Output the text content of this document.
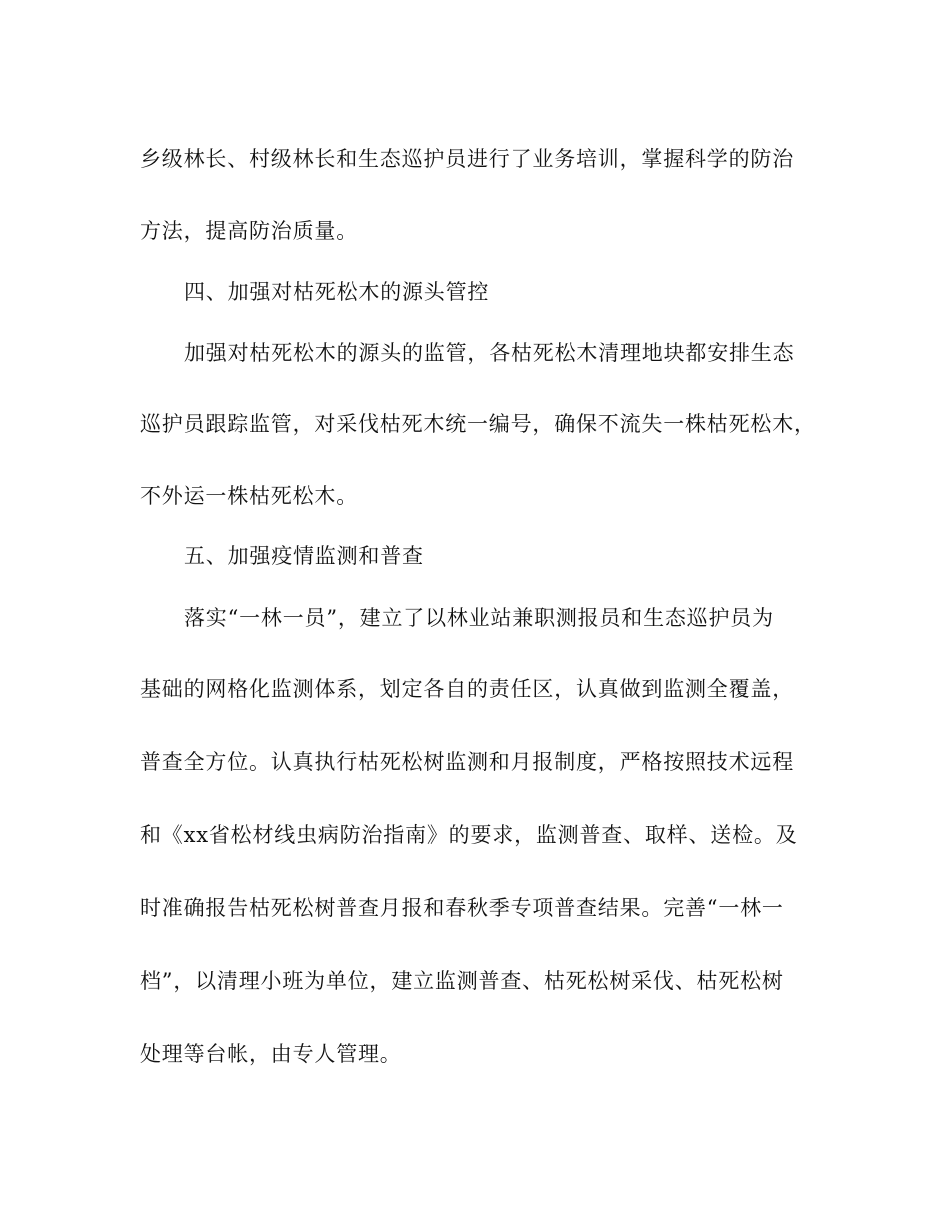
乡级林长、村级林长和生态巡护员进行了业务培训，掌握科学的防治

方法，提高防治质量。

四、加强对枯死松木的源头管控

加强对枯死松木的源头的监管，各枯死松木清理地块都安排生态

巡护员跟踪监管，对采伐枯死木统一编号，确保不流失一株枯死松木，

不外运一株枯死松木。

五、加强疫情监测和普查

落实“一林一员”，建立了以林业站兼职测报员和生态巡护员为

基础的网格化监测体系，划定各自的责任区，认真做到监测全覆盖，

普查全方位。认真执行枯死松树监测和月报制度，严格按照技术远程

和《xx省松材线虫病防治指南》的要求，监测普查、取样、送检。及

时准确报告枯死松树普查月报和春秋季专项普查结果。完善“一林一

档”，以清理小班为单位，建立监测普查、枯死松树采伐、枯死松树

处理等台帐，由专人管理。
